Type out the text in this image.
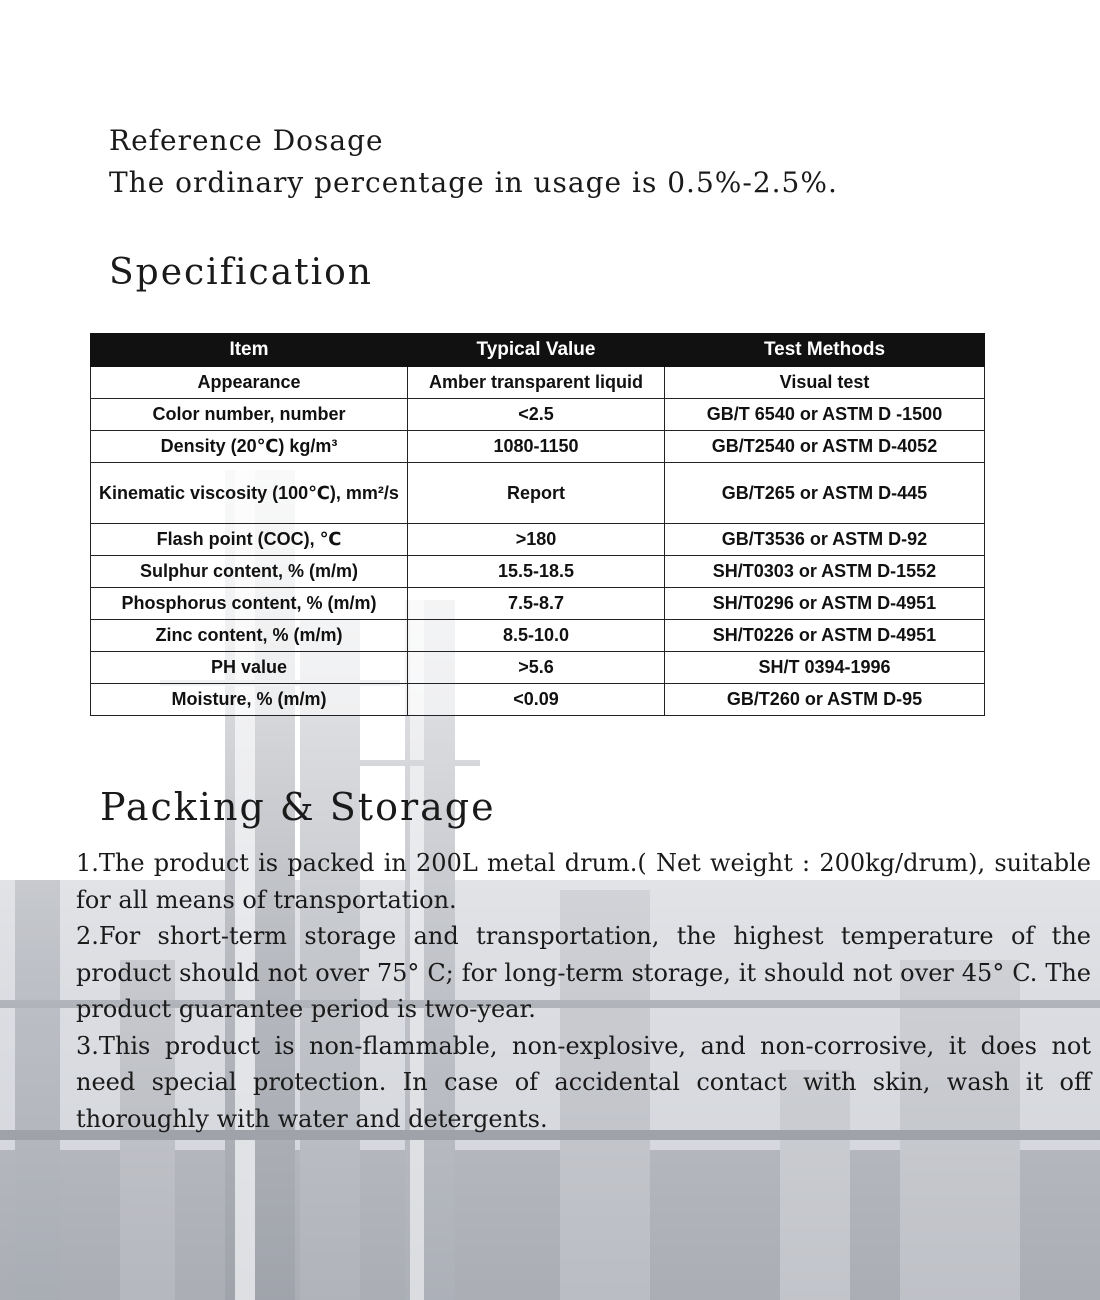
Reference Dosage
The ordinary percentage in usage is 0.5%-2.5%.
Specification
Item	Typical Value	Test Methods
Appearance	Amber transparent liquid	Visual test
Color number, number	<2.5	GB/T 6540 or ASTM D -1500
Density (20℃) kg/m³	1080-1150	GB/T2540 or ASTM D-4052
Kinematic viscosity (100℃), mm²/s	Report	GB/T265 or ASTM D-445
Flash point (COC), ℃	>180	GB/T3536 or ASTM D-92
Sulphur content, % (m/m)	15.5-18.5	SH/T0303 or ASTM D-1552
Phosphorus content, % (m/m)	7.5-8.7	SH/T0296 or ASTM D-4951
Zinc content, % (m/m)	8.5-10.0	SH/T0226 or ASTM D-4951
PH value	>5.6	SH/T 0394-1996
Moisture, % (m/m)	<0.09	GB/T260 or ASTM D-95
Packing & Storage

1.The product is packed in 200L metal drum.( Net weight : 200kg/drum), suitable for all means of transportation.

2.For short-term storage and transportation, the highest temperature of the product should not over 75° C; for long-term storage, it should not over 45° C. The product guarantee period is two-year.

3.This product is non-flammable, non-explosive, and non-corrosive, it does not need special protection. In case of accidental contact with skin, wash it off thoroughly with water and detergents.
